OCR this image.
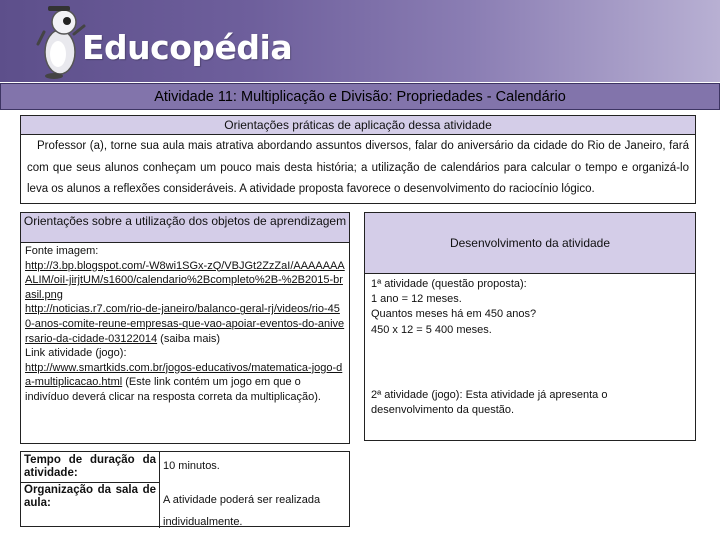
Educopédia
Atividade 11: Multiplicação e Divisão: Propriedades - Calendário
Orientações práticas de aplicação dessa atividade
Professor (a), torne sua aula mais atrativa abordando assuntos diversos, falar do aniversário da cidade do Rio de Janeiro, fará com que seus alunos conheçam um pouco mais desta história; a utilização de calendários para calcular o tempo e organizá-lo leva os alunos a reflexões consideráveis. A atividade proposta favorece o desenvolvimento do raciocínio lógico.
Orientações sobre a utilização dos objetos de aprendizagem
Fonte imagem:
http://3.bp.blogspot.com/-W8wi1SGx-zQ/VBJGt2ZzZaI/AAAAAAAALIM/oiI-jirjtUM/s1600/calendario%2Bcompleto%2B-%2B2015-brasil.png
http://noticias.r7.com/rio-de-janeiro/balanco-geral-rj/videos/rio-450-anos-comite-reune-empresas-que-vao-apoiar-eventos-do-aniversario-da-cidade-03122014 (saiba mais)
Link atividade (jogo):
http://www.smartkids.com.br/jogos-educativos/matematica-jogo-da-multiplicacao.html (Este link contém um jogo em que o indivíduo deverá clicar na resposta correta da multiplicação).
Tempo de duração da atividade:
10 minutos.
Organização da sala de aula:	A atividade poderá ser realizada individualmente.
Desenvolvimento da atividade
1ª atividade (questão proposta):
1 ano = 12 meses.
Quantos meses há em 450 anos?
450 x 12 = 5 400 meses.
2ª atividade (jogo): Esta atividade já apresenta o desenvolvimento da questão.
